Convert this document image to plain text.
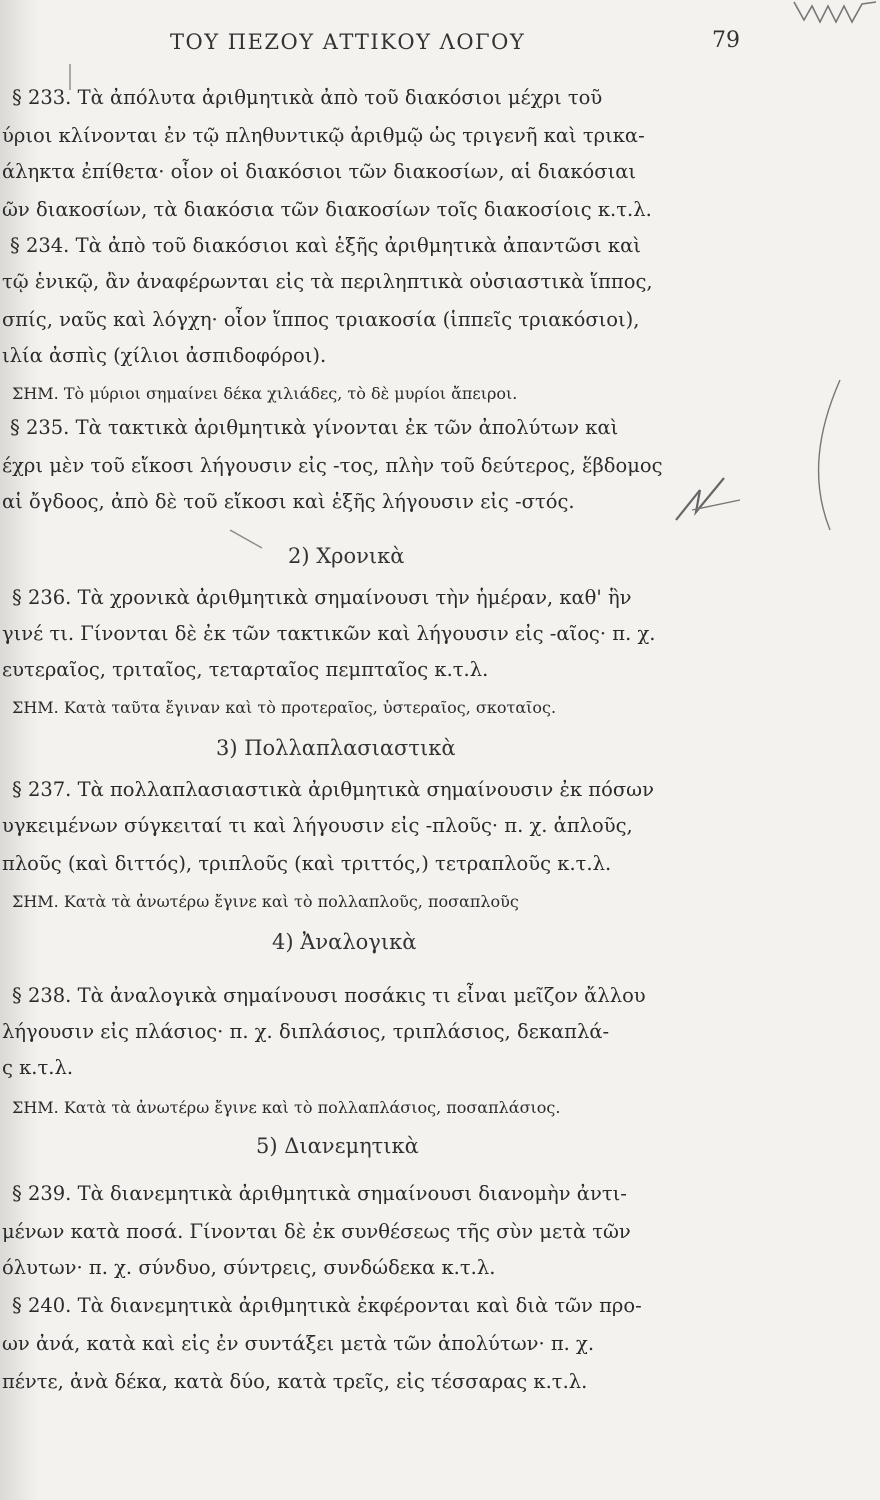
ΤΟΥ ΠΕΖΟΥ ΑΤΤΙΚΟΥ ΛΟΓΟΥ	79
§ 233. Τὰ ἀπόλυτα ἀριθμητικὰ ἀπὸ τοῦ διακόσιοι μέχρι τοῦ
ύριοι κλίνονται ἐν τῷ πληθυντικῷ ἀριθμῷ ὡς τριγενῆ καὶ τρικα-
άληκτα ἐπίθετα· οἷον οἱ διακόσιοι τῶν διακοσίων, αἱ διακόσιαι
ῶν διακοσίων, τὰ διακόσια τῶν διακοσίων τοῖς διακοσίοις κ.τ.λ.
§ 234. Τὰ ἀπὸ τοῦ διακόσιοι καὶ ἑξῆς ἀριθμητικὰ ἀπαντῶσι καὶ
τῷ ἑνικῷ, ἂν ἀναφέρωνται εἰς τὰ περιληπτικὰ οὐσιαστικὰ ἵππος,
σπίς, ναῦς καὶ λόγχη· οἷον ἵππος τριακοσία (ἱππεῖς τριακόσιοι),
ιλία ἀσπὶς (χίλιοι ἀσπιδοφόροι).
ΣΗΜ. Τὸ μύριοι σημαίνει δέκα χιλιάδες, τὸ δὲ μυρίοι ἄπειροι.
§ 235. Τὰ τακτικὰ ἀριθμητικὰ γίνονται ἐκ τῶν ἀπολύτων καὶ
έχρι μὲν τοῦ εἴκοσι λήγουσιν εἰς -τος, πλὴν τοῦ δεύτερος, ἕβδομος
αἱ ὄγδοος, ἀπὸ δὲ τοῦ εἴκοσι καὶ ἑξῆς λήγουσιν εἰς -στός.
2) Χρονικὰ
§ 236. Τὰ χρονικὰ ἀριθμητικὰ σημαίνουσι τὴν ἡμέραν, καθ' ἣν
γινέ τι. Γίνονται δὲ ἐκ τῶν τακτικῶν καὶ λήγουσιν εἰς -αῖος· π. χ.
ευτεραῖος, τριταῖος, τεταρταῖος πεμπταῖος κ.τ.λ.
ΣΗΜ. Κατὰ ταῦτα ἔγιναν καὶ τὸ προτεραῖος, ὑστεραῖος, σκοταῖος.
3) Πολλαπλασιαστικὰ
§ 237. Τὰ πολλαπλασιαστικὰ ἀριθμητικὰ σημαίνουσιν ἐκ πόσων
υγκειμένων σύγκειταί τι καὶ λήγουσιν εἰς -πλοῦς· π. χ. ἁπλοῦς,
πλοῦς (καὶ διττός), τριπλοῦς (καὶ τριττός,) τετραπλοῦς κ.τ.λ.
ΣΗΜ. Κατὰ τὰ ἀνωτέρω ἔγινε καὶ τὸ πολλαπλοῦς, ποσαπλοῦς
4) Ἀναλογικὰ
§ 238. Τὰ ἀναλογικὰ σημαίνουσι ποσάκις τι εἶναι μεῖζον ἄλλου
λήγουσιν εἰς πλάσιος· π. χ. διπλάσιος, τριπλάσιος, δεκαπλά-
ς κ.τ.λ.
ΣΗΜ. Κατὰ τὰ ἀνωτέρω ἔγινε καὶ τὸ πολλαπλάσιος, ποσαπλάσιος.
5) Διανεμητικὰ
§ 239. Τὰ διανεμητικὰ ἀριθμητικὰ σημαίνουσι διανομὴν ἀντι-
μένων κατὰ ποσά. Γίνονται δὲ ἐκ συνθέσεως τῆς σὺν μετὰ τῶν
όλυτων· π. χ. σύνδυο, σύντρεις, συνδώδεκα κ.τ.λ.
§ 240. Τὰ διανεμητικὰ ἀριθμητικὰ ἐκφέρονται καὶ διὰ τῶν προ-
ων ἀνά, κατὰ καὶ εἰς ἐν συντάξει μετὰ τῶν ἀπολύτων· π. χ.
πέντε, ἀνὰ δέκα, κατὰ δύο, κατὰ τρεῖς, εἰς τέσσαρας κ.τ.λ.
